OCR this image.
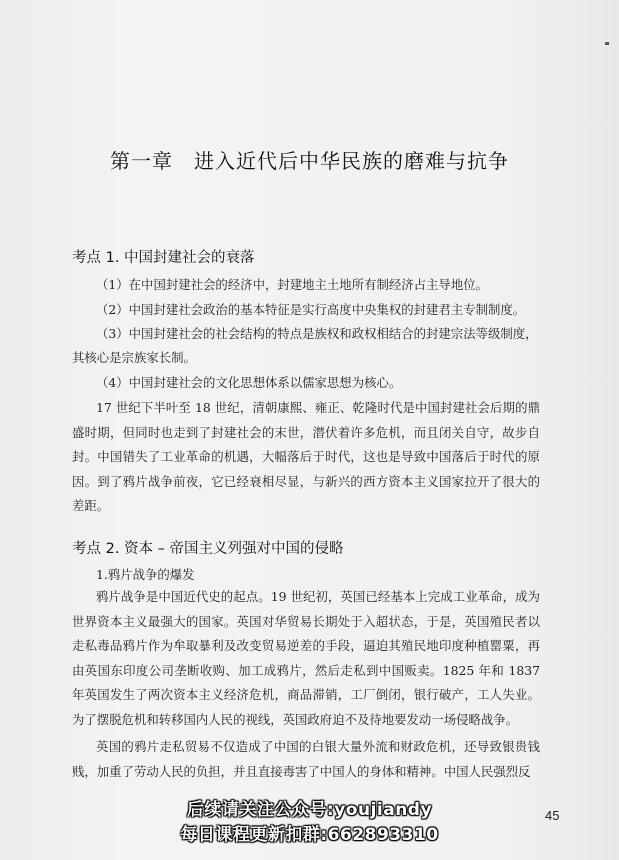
第一章　进入近代后中华民族的磨难与抗争
考点 1. 中国封建社会的衰落
（1）在中国封建社会的经济中，封建地主土地所有制经济占主导地位。
（2）中国封建社会政治的基本特征是实行高度中央集权的封建君主专制制度。
（3）中国封建社会的社会结构的特点是族权和政权相结合的封建宗法等级制度，
其核心是宗族家长制。
（4）中国封建社会的文化思想体系以儒家思想为核心。
17 世纪下半叶至 18 世纪，清朝康熙、雍正、乾隆时代是中国封建社会后期的鼎盛时期，但同时也走到了封建社会的末世，潜伏着许多危机，而且闭关自守，故步自封。中国错失了工业革命的机遇，大幅落后于时代，这也是导致中国落后于时代的原因。到了鸦片战争前夜，它已经衰相尽显，与新兴的西方资本主义国家拉开了很大的差距。
考点 2. 资本 – 帝国主义列强对中国的侵略
1.鸦片战争的爆发
鸦片战争是中国近代史的起点。19 世纪初，英国已经基本上完成工业革命，成为世界资本主义最强大的国家。英国对华贸易长期处于入超状态，于是，英国殖民者以走私毒品鸦片作为牟取暴利及改变贸易逆差的手段，逼迫其殖民地印度种植罂粟，再由英国东印度公司垄断收购、加工成鸦片，然后走私到中国贩卖。1825 年和 1837 年英国发生了两次资本主义经济危机，商品滞销，工厂倒闭，银行破产，工人失业。为了摆脱危机和转移国内人民的视线，英国政府迫不及待地要发动一场侵略战争。
英国的鸦片走私贸易不仅造成了中国的白银大量外流和财政危机，还导致银贵钱贱，加重了劳动人民的负担，并且直接毒害了中国人的身体和精神。中国人民强烈反
后续请关注公众号:youjiandy
每日课程更新扣群:662893310
45
